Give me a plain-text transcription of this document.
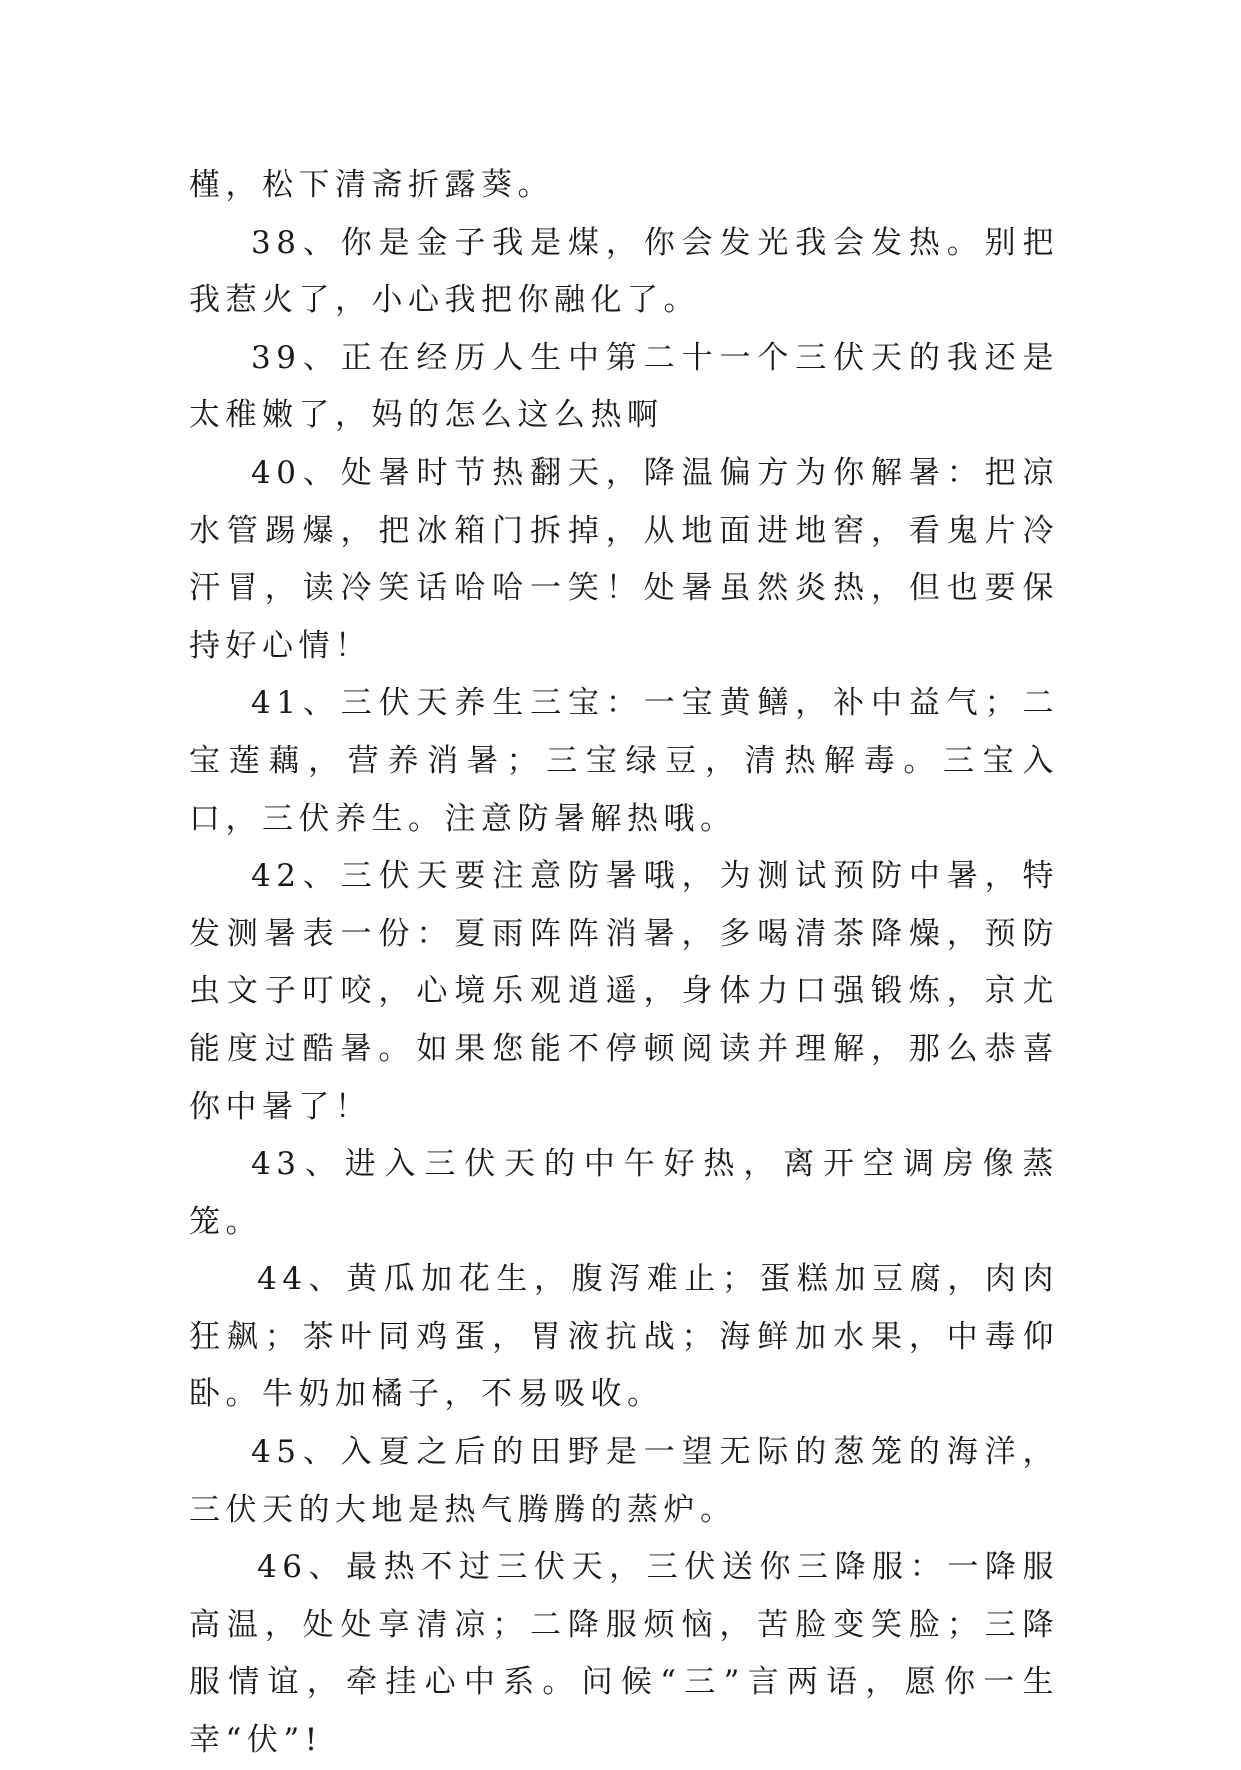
槿，松下清斋折露葵。

38、你是金子我是煤，你会发光我会发热。别把我惹火了，小心我把你融化了。

39、正在经历人生中第二十一个三伏天的我还是太稚嫩了，妈的怎么这么热啊

40、处暑时节热翻天，降温偏方为你解暑：把凉水管踢爆，把冰箱门拆掉，从地面进地窖，看鬼片冷汗冒，读冷笑话哈哈一笑！处暑虽然炎热，但也要保持好心情！

41、三伏天养生三宝：一宝黄鳝，补中益气；二宝莲藕，营养消暑；三宝绿豆，清热解毒。三宝入口，三伏养生。注意防暑解热哦。

42、三伏天要注意防暑哦，为测试预防中暑，特发测暑表一份：夏雨阵阵消暑，多喝清茶降燥，预防虫文子叮咬，心境乐观逍遥，身体力口强锻炼，京尤能度过酷暑。如果您能不停顿阅读并理解，那么恭喜你中暑了！

43、进入三伏天的中午好热，离开空调房像蒸笼。

44、黄瓜加花生，腹泻难止；蛋糕加豆腐，肉肉狂飙；茶叶同鸡蛋，胃液抗战；海鲜加水果，中毒仰卧。牛奶加橘子，不易吸收。

45、入夏之后的田野是一望无际的葱笼的海洋，三伏天的大地是热气腾腾的蒸炉。

46、最热不过三伏天，三伏送你三降服：一降服高温，处处享清凉；二降服烦恼，苦脸变笑脸；三降服情谊，牵挂心中系。问候“三”言两语，愿你一生幸“伏”!
